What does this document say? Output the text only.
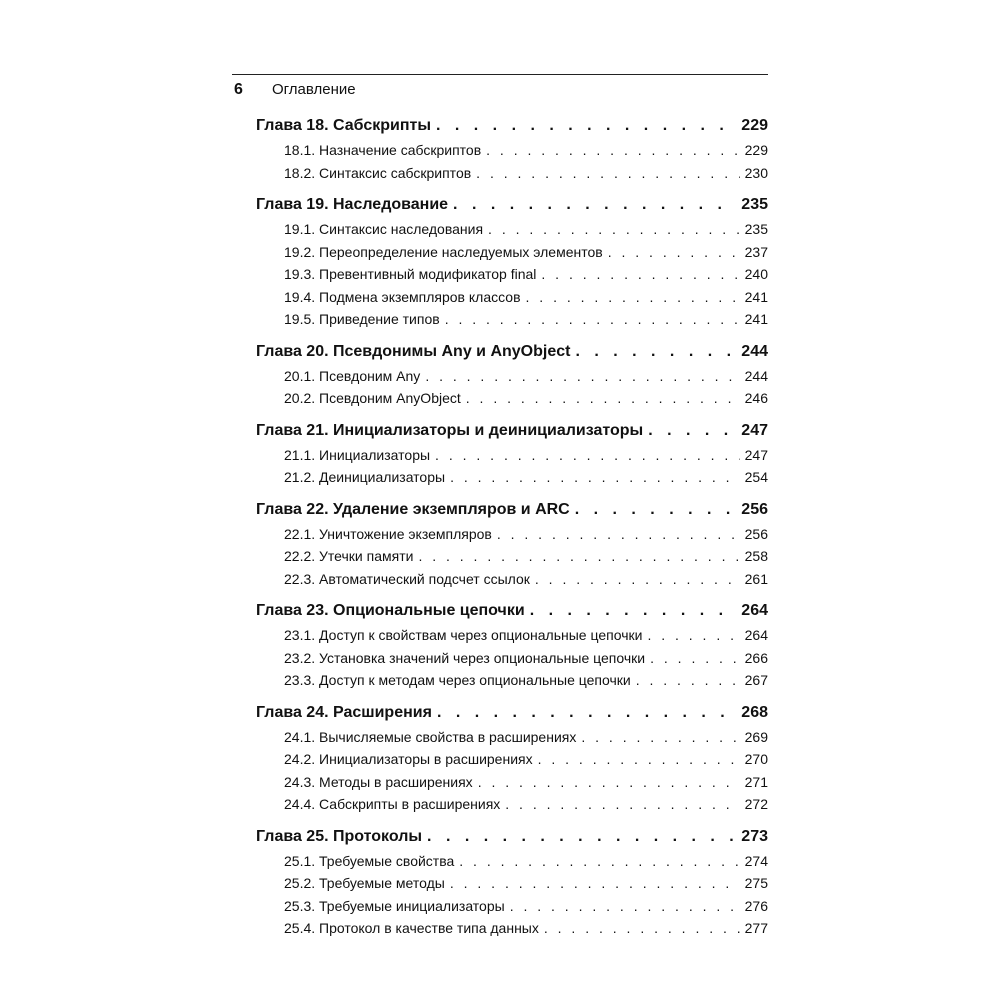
6 Оглавление
Глава 18. Сабскрипты . . .	229
18.1. Назначение сабскриптов . . .	229
18.2. Синтаксис сабскриптов . . .	230
Глава 19. Наследование . . .	235
19.1. Синтаксис наследования . . .	235
19.2. Переопределение наследуемых элементов . . .	237
19.3. Превентивный модификатор final . . .	240
19.4. Подмена экземпляров классов . . .	241
19.5. Приведение типов . . .	241
Глава 20. Псевдонимы Any и AnyObject . . .	244
20.1. Псевдоним Any . . .	244
20.2. Псевдоним AnyObject . . .	246
Глава 21. Инициализаторы и деинициализаторы . . .	247
21.1. Инициализаторы . . .	247
21.2. Деинициализаторы . . .	254
Глава 22. Удаление экземпляров и ARC . . .	256
22.1. Уничтожение экземпляров . . .	256
22.2. Утечки памяти . . .	258
22.3. Автоматический подсчет ссылок . . .	261
Глава 23. Опциональные цепочки . . .	264
23.1. Доступ к свойствам через опциональные цепочки . . .	264
23.2. Установка значений через опциональные цепочки . . .	266
23.3. Доступ к методам через опциональные цепочки . . .	267
Глава 24. Расширения . . .	268
24.1. Вычисляемые свойства в расширениях . . .	269
24.2. Инициализаторы в расширениях . . .	270
24.3. Методы в расширениях . . .	271
24.4. Сабскрипты в расширениях . . .	272
Глава 25. Протоколы . . .	273
25.1. Требуемые свойства . . .	274
25.2. Требуемые методы . . .	275
25.3. Требуемые инициализаторы . . .	276
25.4. Протокол в качестве типа данных . . .	277
